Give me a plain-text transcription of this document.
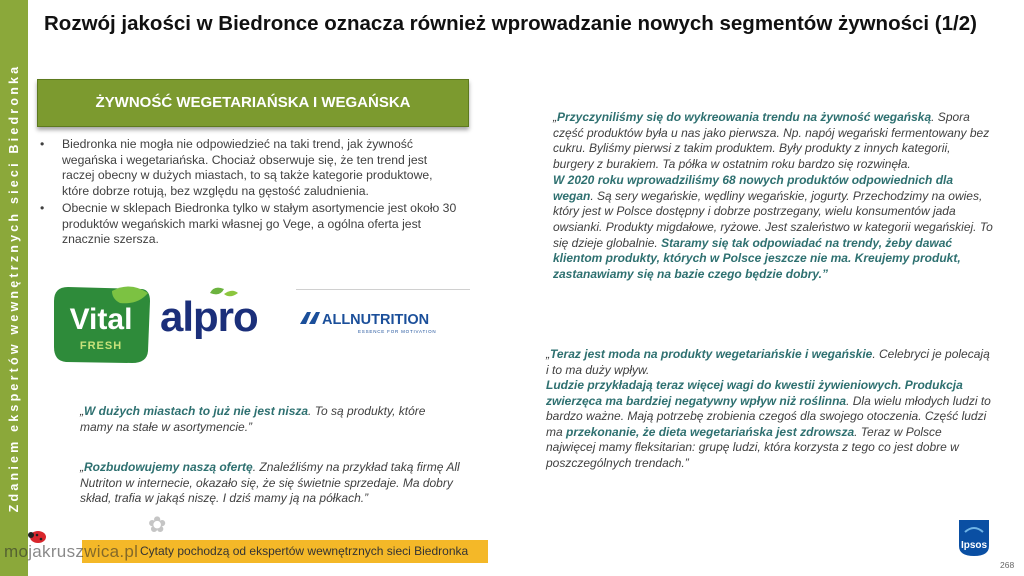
Zdaniem ekspertów wewnętrznych sieci Biedronka
Rozwój jakości w Biedronce oznacza również wprowadzanie nowych segmentów żywności (1/2)
ŻYWNOŚĆ WEGETARIAŃSKA I WEGAŃSKA
• Biedronka nie mogła nie odpowiedzieć na taki trend, jak żywność wegańska i wegetariańska. Chociaż obserwuje się, że ten trend jest raczej obecny w dużych miastach, to są także kategorie produktowe, które dobrze rotują, bez względu na gęstość zaludnienia.
• Obecnie w sklepach Biedronka tylko w stałym asortymencie jest około 30 produktów wegańskich marki własnej go Vege, a ogólna oferta jest znacznie szersza.
Vital
FRESH
alpro	ALLNUTRITION
ESSENCE FOR MOTIVATION
„W dużych miastach to już nie jest nisza. To są produkty, które mamy na stałe w asortymencie.”
„Rozbudowujemy naszą ofertę. Znaleźliśmy na przykład taką firmę All Nutriton w internecie, okazało się, że się świetnie sprzedaje. Ma dobry skład, trafia w jakąś niszę. I dziś mamy ją na półkach.”
„Przyczyniliśmy się do wykreowania trendu na żywność wegańską. Spora część produktów była u nas jako pierwsza. Np. napój wegański fermentowany bez cukru. Byliśmy pierwsi z takim produktem. Były produkty z innych kategorii, burgery z burakiem. Ta półka w ostatnim roku bardzo się rozwinęła.
W 2020 roku wprowadziliśmy 68 nowych produktów odpowiednich dla wegan. Są sery wegańskie, wędliny wegańskie, jogurty. Przechodzimy na owies, który jest w Polsce dostępny i dobrze postrzegany, wielu konsumentów jada owsianki. Produkty migdałowe, ryżowe. Jest szaleństwo w kategorii wegańskiej. To się dzieje globalnie. Staramy się tak odpowiadać na trendy, żeby dawać klientom produkty, których w Polsce jeszcze nie ma. Kreujemy produkt, zastanawiamy się na bazie czego będzie dobry.”
„Teraz jest moda na produkty wegetariańskie i wegańskie. Celebryci je polecają i to ma duży wpływ.
Ludzie przykładają teraz więcej wagi do kwestii żywieniowych. Produkcja zwierzęca ma bardziej negatywny wpływ niż roślinna. Dla wielu młodych ludzi to bardzo ważne. Mają potrzebę zrobienia czegoś dla swojego otoczenia. Część ludzi ma przekonanie, że dieta wegetariańska jest zdrowsza. Teraz w Polsce najwięcej mamy fleksitarian: grupę ludzi, która korzysta z tego co jest dobre w poszczególnych trendach.”
Cytaty pochodzą od ekspertów wewnętrznych sieci Biedronka
✿
mojakruszwica.pl	Ipsos
268
